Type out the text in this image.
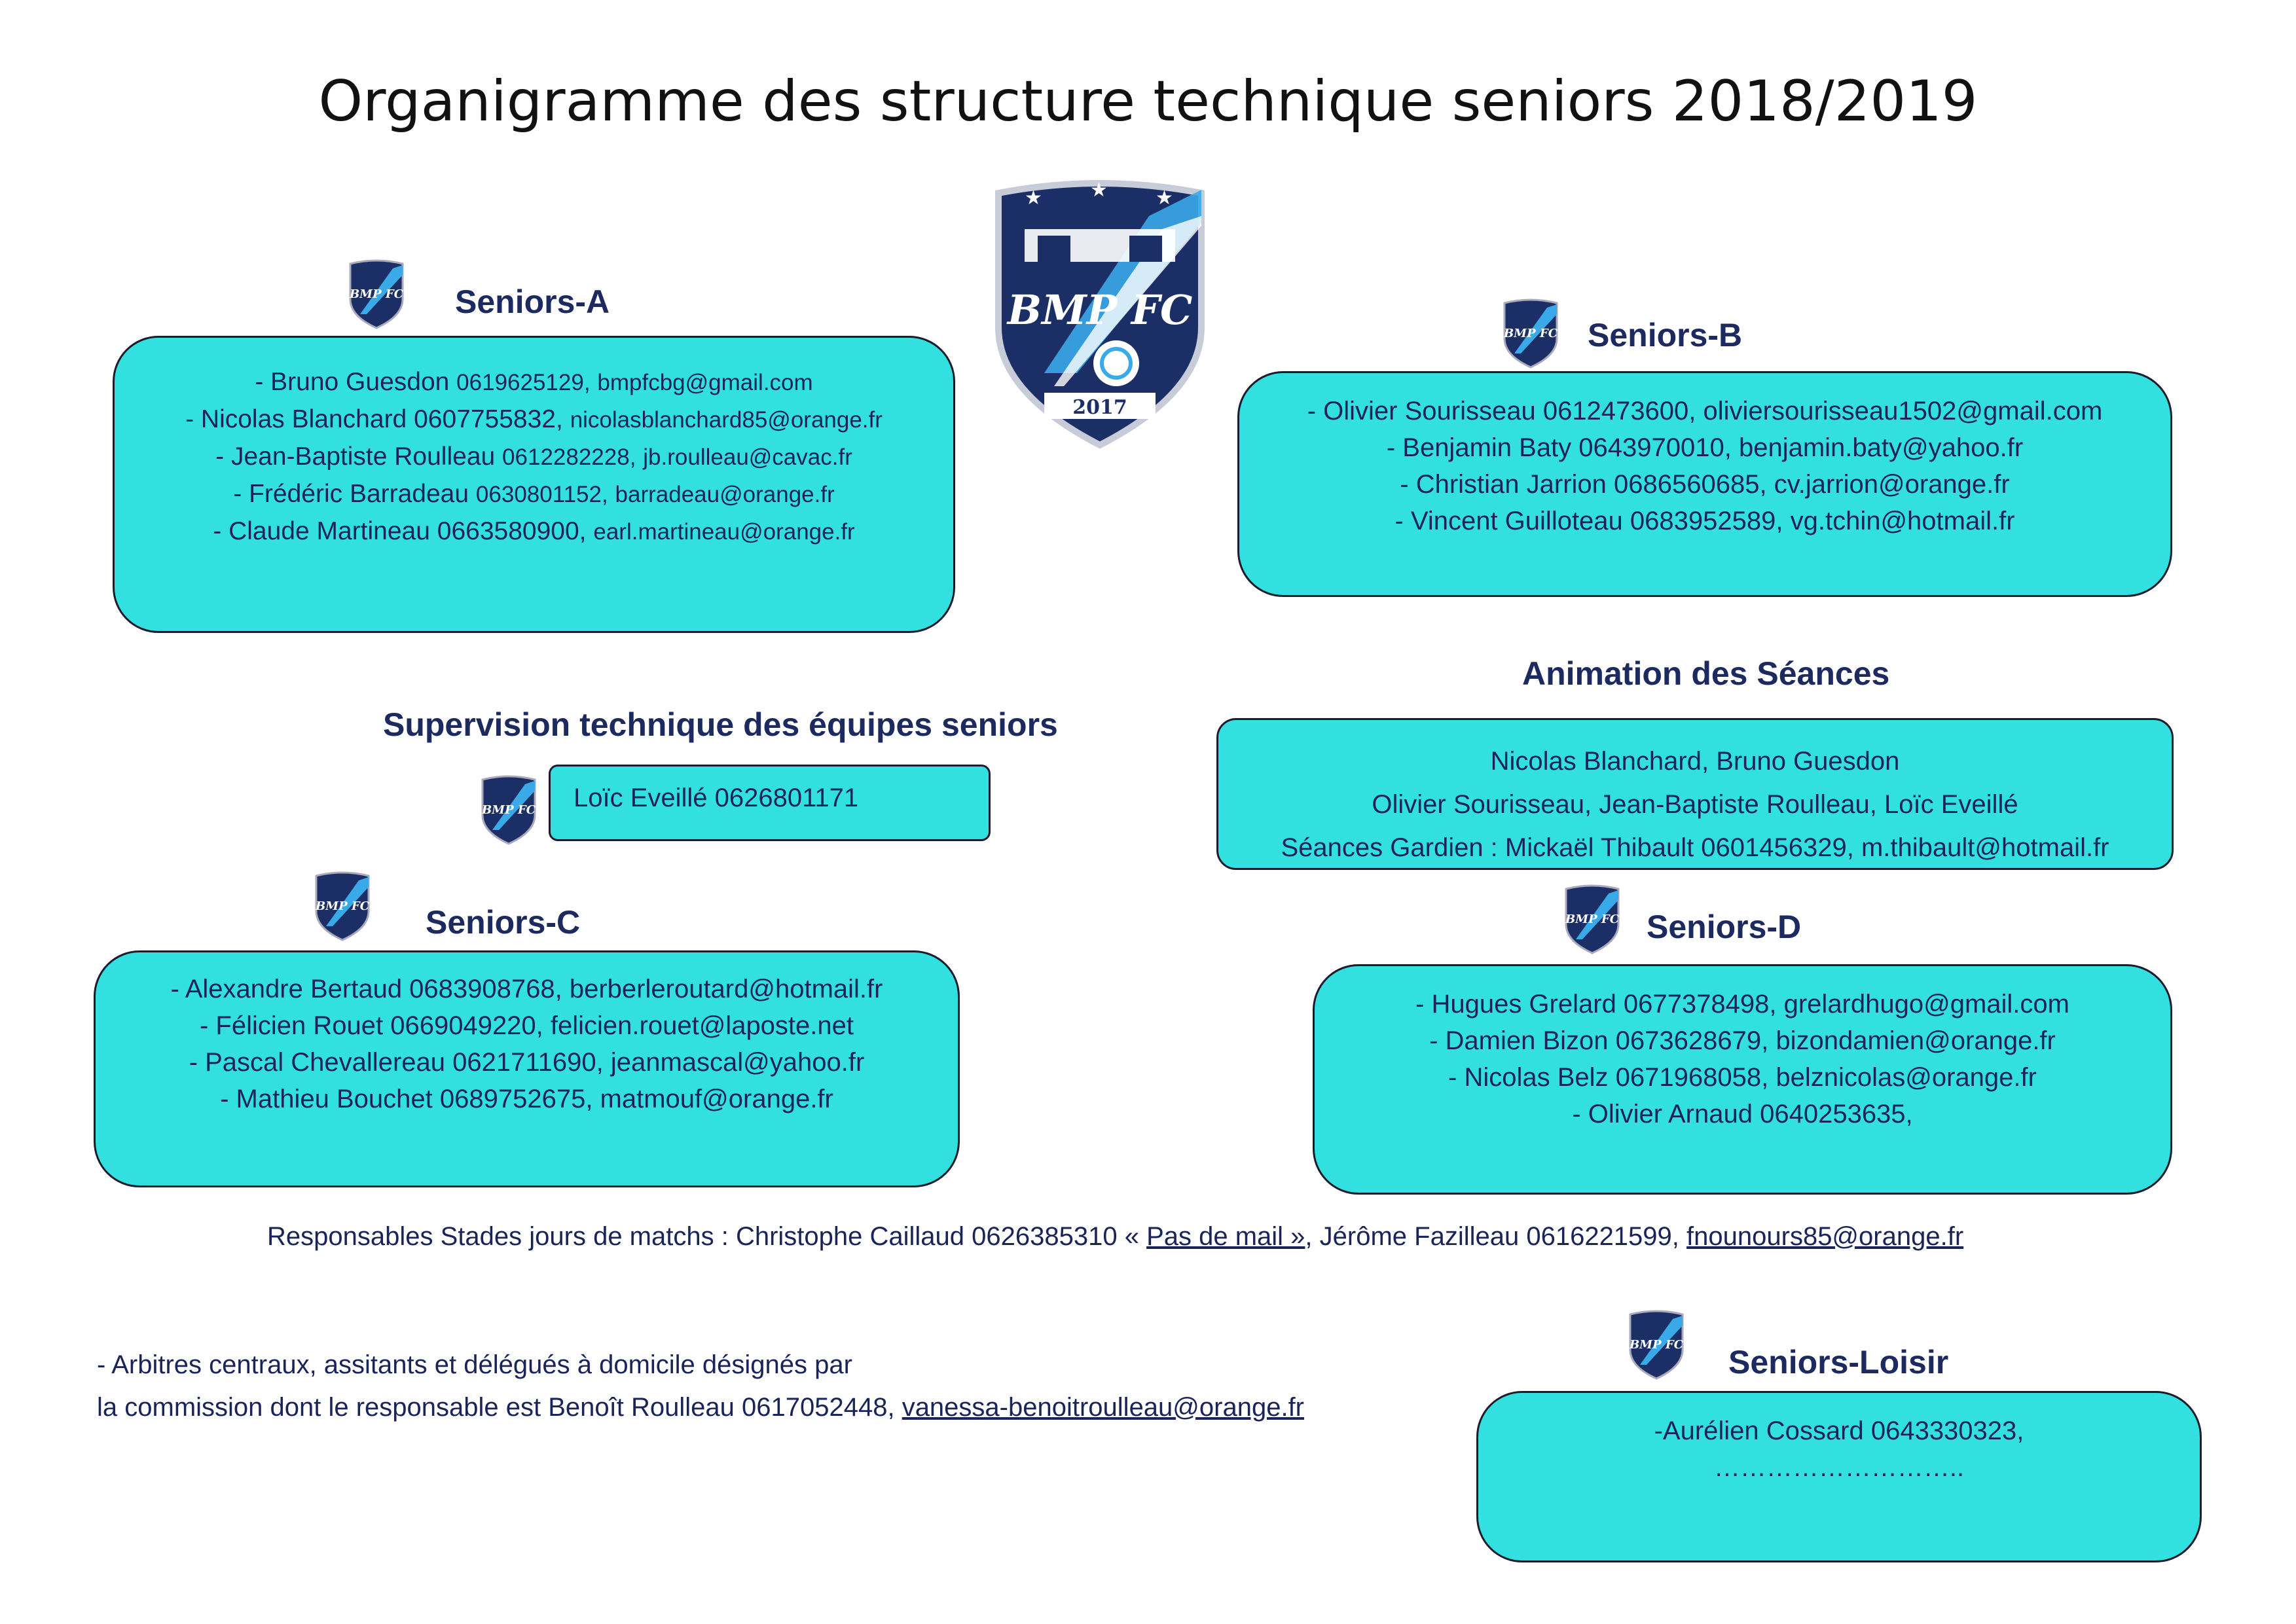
Organigramme des structure technique seniors 2018/2019
★ ★ ★
BMP FC
2017
BMP FC Seniors-A
- Bruno Guesdon 0619625129, bmpfcbg@gmail.com
- Nicolas Blanchard 0607755832, nicolasblanchard85@orange.fr
- Jean-Baptiste Roulleau 0612282228, jb.roulleau@cavac.fr
- Frédéric Barradeau 0630801152, barradeau@orange.fr
- Claude Martineau 0663580900, earl.martineau@orange.fr
BMP FC Seniors-B
- Olivier Sourisseau 0612473600, oliviersourisseau1502@gmail.com
- Benjamin Baty 0643970010, benjamin.baty@yahoo.fr
- Christian Jarrion 0686560685, cv.jarrion@orange.fr
- Vincent Guilloteau 0683952589, vg.tchin@hotmail.fr
Animation des Séances
Nicolas Blanchard, Bruno Guesdon
Olivier Sourisseau, Jean-Baptiste Roulleau, Loïc Eveillé
Séances Gardien : Mickaël Thibault 0601456329, m.thibault@hotmail.fr
Supervision technique des équipes seniors
BMP FC Loïc Eveillé 0626801171
BMP FC Seniors-C
- Alexandre Bertaud 0683908768, berberleroutard@hotmail.fr
- Félicien Rouet 0669049220, felicien.rouet@laposte.net
- Pascal Chevallereau 0621711690, jeanmascal@yahoo.fr
- Mathieu Bouchet 0689752675, matmouf@orange.fr
BMP FC Seniors-D
- Hugues Grelard 0677378498, grelardhugo@gmail.com
- Damien Bizon 0673628679, bizondamien@orange.fr
- Nicolas Belz 0671968058, belznicolas@orange.fr
- Olivier Arnaud 0640253635,
Responsables Stades jours de matchs : Christophe Caillaud 0626385310 « Pas de mail », Jérôme Fazilleau 0616221599, fnounours85@orange.fr
- Arbitres centraux, assitants et délégués à domicile désignés par
la commission dont le responsable est Benoît Roulleau 0617052448, vanessa-benoitroulleau@orange.fr
BMP FC Seniors-Loisir
-Aurélien Cossard 0643330323,
………………………..
